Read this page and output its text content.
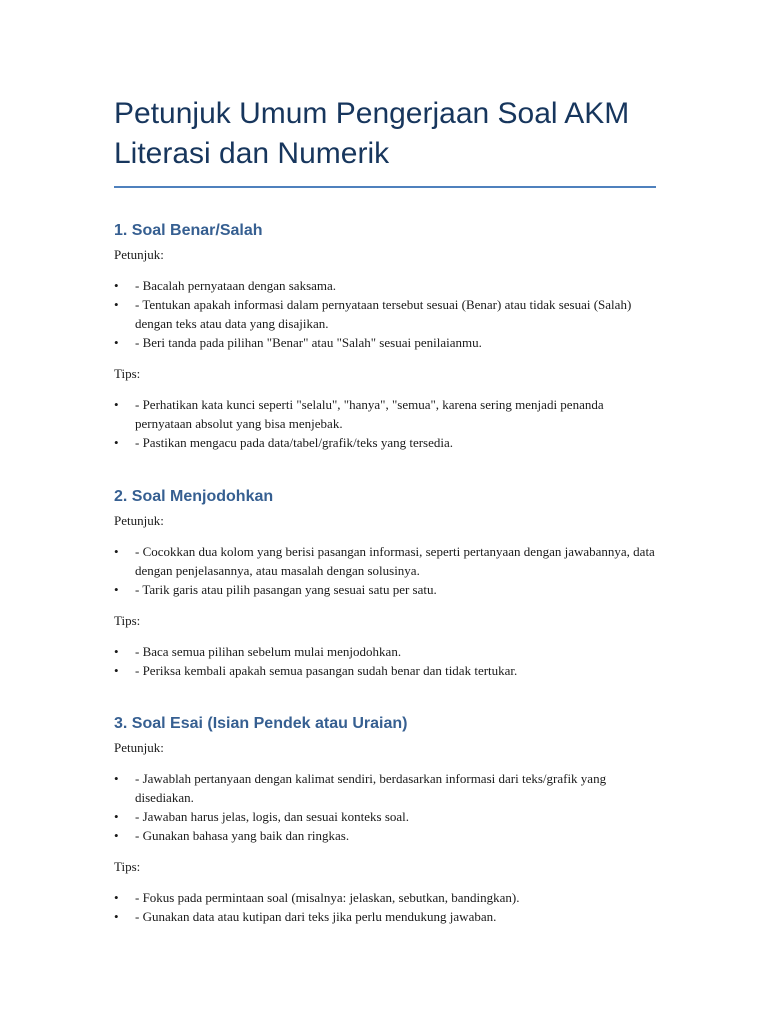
Petunjuk Umum Pengerjaan Soal AKM Literasi dan Numerik
1. Soal Benar/Salah

Petunjuk:

• - Bacalah pernyataan dengan saksama.
• - Tentukan apakah informasi dalam pernyataan tersebut sesuai (Benar) atau tidak sesuai (Salah) dengan teks atau data yang disajikan.
• - Beri tanda pada pilihan "Benar" atau "Salah" sesuai penilaianmu.

Tips:

• - Perhatikan kata kunci seperti "selalu", "hanya", "semua", karena sering menjadi penanda pernyataan absolut yang bisa menjebak.
• - Pastikan mengacu pada data/tabel/grafik/teks yang tersedia.
2. Soal Menjodohkan

Petunjuk:

• - Cocokkan dua kolom yang berisi pasangan informasi, seperti pertanyaan dengan jawabannya, data dengan penjelasannya, atau masalah dengan solusinya.
• - Tarik garis atau pilih pasangan yang sesuai satu per satu.

Tips:

• - Baca semua pilihan sebelum mulai menjodohkan.
• - Periksa kembali apakah semua pasangan sudah benar dan tidak tertukar.
3. Soal Esai (Isian Pendek atau Uraian)

Petunjuk:

• - Jawablah pertanyaan dengan kalimat sendiri, berdasarkan informasi dari teks/grafik yang disediakan.
• - Jawaban harus jelas, logis, dan sesuai konteks soal.
• - Gunakan bahasa yang baik dan ringkas.

Tips:

• - Fokus pada permintaan soal (misalnya: jelaskan, sebutkan, bandingkan).
• - Gunakan data atau kutipan dari teks jika perlu mendukung jawaban.
